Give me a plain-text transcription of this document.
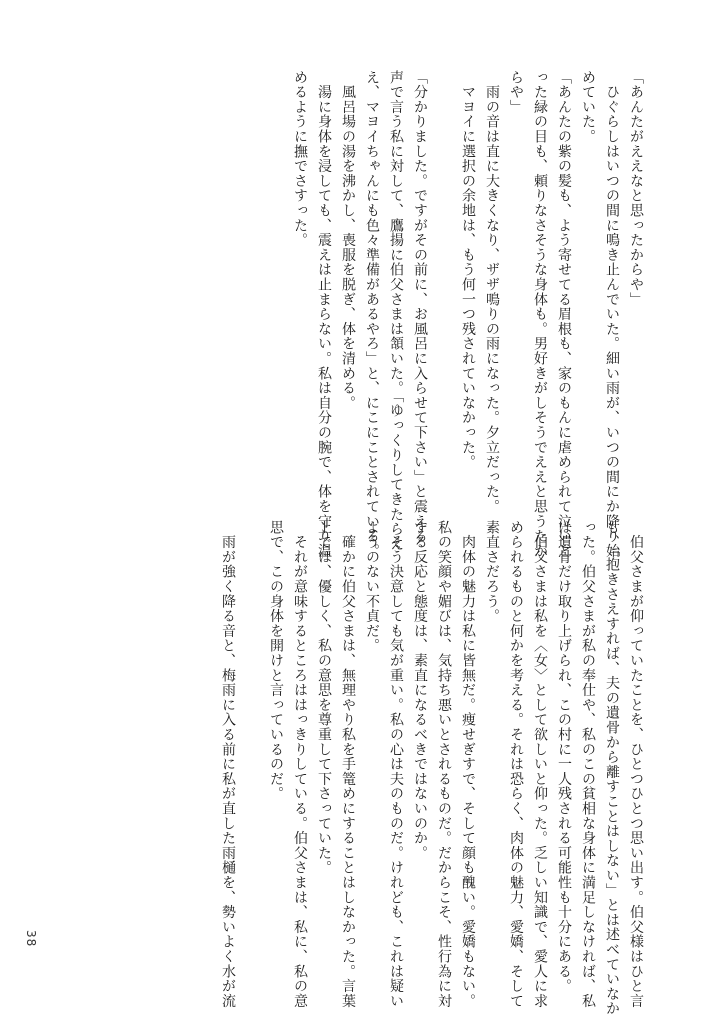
「あんたがええなと思ったからや」

　ひぐらしはいつの間に鳴き止んでいた。細い雨が、いつの間にか降り始

めていた。

「あんたの紫の髪も、よう寄せてる眉根も、家のもんに虐められて泣いと

った緑の目も、頼りなさそうな身体も。男好きがしそうでええと思うたか

らや」

　雨の音は直に大きくなり、ザザ鳴りの雨になった。夕立だった。

　マヨイに選択の余地は、もう何一つ残されていなかった。

「分かりました。ですがその前に、お風呂に入らせて下さい」と震える

声で言う私に対して、鷹揚に伯父さまは頷いた。「ゆっくりしてきたらえ

え、マヨイちゃんにも色々準備があるやろ」と、にこにことされている。

　風呂場の湯を沸かし、喪服を脱ぎ、体を清める。

　湯に身体を浸しても、震えは止まらない。私は自分の腕で、体を守り温

めるように撫でさすった。

　伯父さまが仰っていたことを、ひとつひとつ思い出す。伯父様はひと言

も、「抱きさえすれば、夫の遺骨から離すことはしない」とは述べていなか

った。伯父さまが私の奉仕や、私のこの貧相な身体に満足しなければ、私

は遺骨だけ取り上げられ、この村に一人残される可能性も十分にある。

　伯父さまは私を〈女〉として欲しいと仰った。乏しい知識で、愛人に求

められるものと何かを考える。それは恐らく、肉体の魅力、愛嬌、そして

素直さだろう。

　肉体の魅力は私に皆無だ。痩せぎすで、そして顔も醜い。愛嬌もない。

私の笑顔や媚びは、気持ち悪いとされるものだ。だからこそ、性行為に対

する反応と態度は、素直になるべきではないのか。

　そう決意しても気が重い。私の心は夫のものだ。けれども、これは疑い

ようのない不貞だ。

　確かに伯父さまは、無理やり私を手篭めにすることはしなかった。言葉

上では、優しく、私の意思を尊重して下さっていた。

　それが意味するところははっきりしている。伯父さまは、私に、私の意

思で、この身体を開けと言っているのだ。

　雨が強く降る音と、梅雨に入る前に私が直した雨樋を、勢いよく水が流

38
